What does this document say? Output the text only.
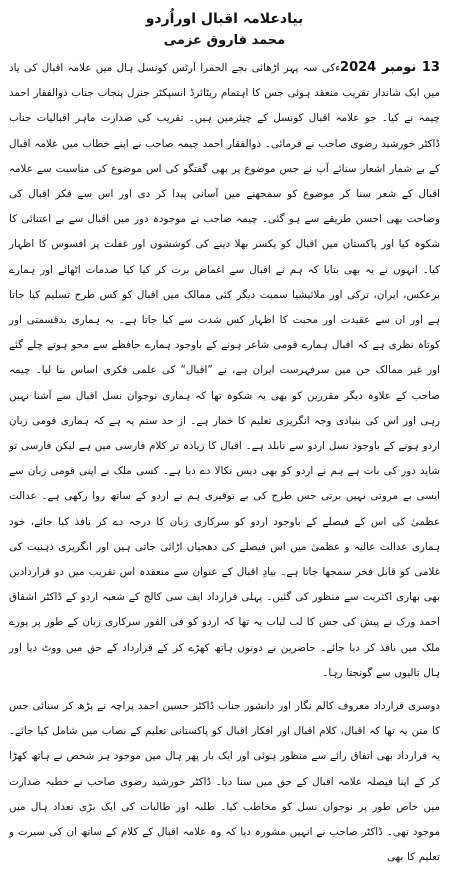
بیادعلامہ اقبال اوراُردو
محمد فاروق عزمی

13 نومبر 2024ءکی سہ پہر اڑھائی بجے الحمرا آرٹس کونسل ہال میں علامہ اقبال کی یاد میں ایک شاندار تقریب منعقد ہوئی جس کا اہتمام ریٹائرڈ انسپکٹر جنرل پنجاب جناب ذوالفقار احمد چیمہ نے کیا۔ جو علامہ اقبال کونسل کے چیئرمین ہیں۔ تقریب کی صدارت ماہر اقبالیات جناب ڈاکٹر خورشید رضوی صاحب نے فرمائی۔ ذوالفقار احمد چیمہ صاحب نے اپنے خطاب میں علامہ اقبال کے بے شمار اشعار سنائے آپ نے جس موضوع پر بھی گفتگو کی اس موضوع کی مناسبت سے علامہ اقبال کے شعر سنا کر موضوع کو سمجھنے میں آسانی پیدا کر دی اور اس سے فکر اقبال کی وضاحت بھی احسن طریقے سے ہو گئی۔ چیمہ صاحب نے موجودہ دور میں اقبال سے بے اعتنائی کا شکوہ کیا اور پاکستان میں اقبال کو یکسر بھلا دینے کی کوششوں اور غفلت پر افسوس کا اظہار کیا۔ انہوں نے یہ بھی بتایا کہ ہم نے اقبال سے اغماض برت کر کیا کیا صدمات اٹھائے اور ہمارے برعکس، ایران، ترکی اور ملائیشیا سمیت دیگر کئی ممالک میں اقبال کو کس طرح تسلیم کیا جاتا ہے اور ان سے عقیدت اور محبت کا اظہار کس شدت سے کیا جاتا ہے۔ یہ ہماری بدقسمتی اور کوتاہ نظری ہے کہ اقبال ہمارے قومی شاعر ہونے کے باوجود ہمارے حافظے سے محو ہوتے چلے گئے اور غیر ممالک جن میں سرفہرست ایران ہے، نے ”اقبال“ کی علمی فکری اساس بنا لیا۔ چیمہ صاحب کے علاوہ دیگر مقررین کو بھی یہ شکوہ تھا کہ ہماری نوجوان نسل اقبال سے آشنا نہیں رہی اور اس کی بنیادی وجہ انگریزی تعلیم کا خمار ہے۔ از حد ستم یہ ہے کہ ہماری قومی زبان اردو ہونے کے باوجود نسل اردو سے نابلد ہے۔ اقبال کا زیادہ تر کلام فارسی میں ہے لیکن فارسی تو شاید دور کی بات ہے ہم نے اردو کو بھی دیس نکالا دے دیا ہے۔ کسی ملک نے اپنی قومی زبان سے ایسی بے مروتی نہیں برتی جس طرح کی بے توقیری ہم نے اردو کے ساتھ روا رکھی ہے۔ عدالت عظمیٰ کی اس کے فیصلے کے باوجود اردو کو سرکاری زبان کا درجہ دے کر نافذ کیا جائے، خود ہماری عدالت عالیہ و عظمیٰ میں اس فیصلے کی دھجیاں اڑائی جاتی ہیں اور انگریزی ذہنیت کی غلامی کو قابل فخر سمجھا جاتا ہے۔ بیادِ اقبال کے عنوان سے منعقدہ اس تقریب میں دو قراردادیں بھی بھاری اکثریت سے منظور کی گئیں۔ پہلی قرارداد ایف سی کالج کے شعبہ اردو کے ڈاکٹر اشفاق احمد ورک نے پیش کی جس کا لب لباب یہ تھا کہ اردو کو فی الفور سرکاری زبان کے طور پر پورے ملک میں نافذ کر دیا جائے۔ حاضرین نے دونوں ہاتھ کھڑے کر کے قرارداد کے حق میں ووٹ دیا اور ہال تالیوں سے گونجتا رہا۔

دوسری قرارداد معروف کالم نگار اور دانشور جناب ڈاکٹر حسین احمد پراچہ نے پڑھ کر سنائی جس کا متن یہ تھا کہ اقبال، کلام اقبال اور افکار اقبال کو پاکستانی تعلیم کے نصاب میں شامل کیا جائے۔ یہ قرارداد بھی اتفاق رائے سے منظور ہوئی اور ایک بار پھر ہال میں موجود ہر شخص نے ہاتھ کھڑا کر کے اپنا فیصلہ علامہ اقبال کے حق میں سنا دیا۔ ڈاکٹر خورشید رضوی صاحب نے خطبہ صدارت میں خاص طور پر نوجوان نسل کو مخاطب کیا۔ طلبہ اور طالبات کی ایک بڑی تعداد ہال میں موجود تھی۔ ڈاکٹر صاحب نے انہیں مشورہ دیا کہ وہ علامہ اقبال کے کلام کے ساتھ ان کی سیرت و تعلیم کا بھی
